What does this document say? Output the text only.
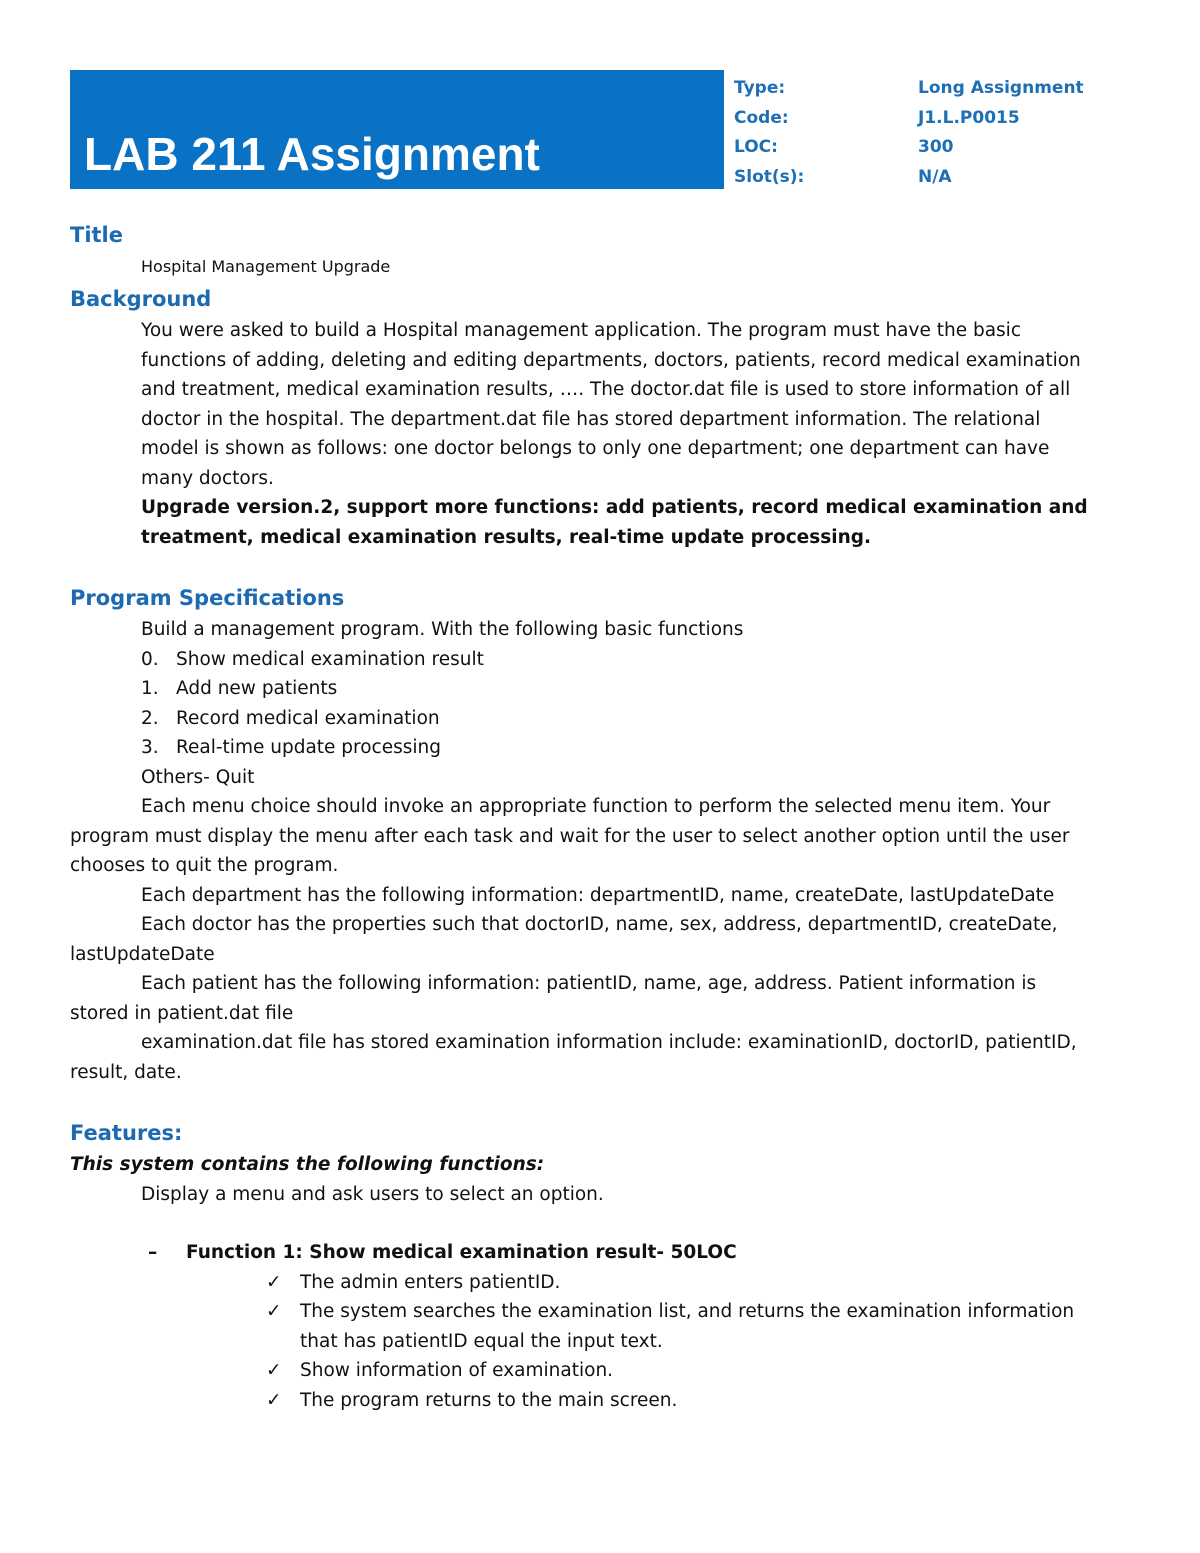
LAB 211 Assignment
Type:	Long Assignment
Code:	J1.L.P0015
LOC:	300
Slot(s):	N/A
Title

Hospital Management Upgrade

Background

You were asked to build a Hospital management application. The program must have the basic

functions of adding, deleting and editing departments, doctors, patients, record medical examination

and treatment, medical examination results, …. The doctor.dat file is used to store information of all

doctor in the hospital. The department.dat file has stored department information. The relational

model is shown as follows: one doctor belongs to only one department; one department can have

many doctors.

Upgrade version.2, support more functions: add patients, record medical examination and

treatment, medical examination results, real-time update processing.

Program Specifications

Build a management program. With the following basic functions

0. Show medical examination result
1. Add new patients
2. Record medical examination
3. Real-time update processing

Others- Quit

Each menu choice should invoke an appropriate function to perform the selected menu item. Your

program must display the menu after each task and wait for the user to select another option until the user

chooses to quit the program.

Each department has the following information: departmentID, name, createDate, lastUpdateDate

Each doctor has the properties such that doctorID, name, sex, address, departmentID, createDate,

lastUpdateDate

Each patient has the following information: patientID, name, age, address. Patient information is

stored in patient.dat file

examination.dat file has stored examination information include: examinationID, doctorID, patientID,

result, date.

Features:

This system contains the following functions:

Display a menu and ask users to select an option.

–	Function 1: Show medical examination result- 50LOC
✓ The admin enters patientID.
✓ The system searches the examination list, and returns the examination information
that has patientID equal the input text.
✓ Show information of examination.
✓ The program returns to the main screen.
